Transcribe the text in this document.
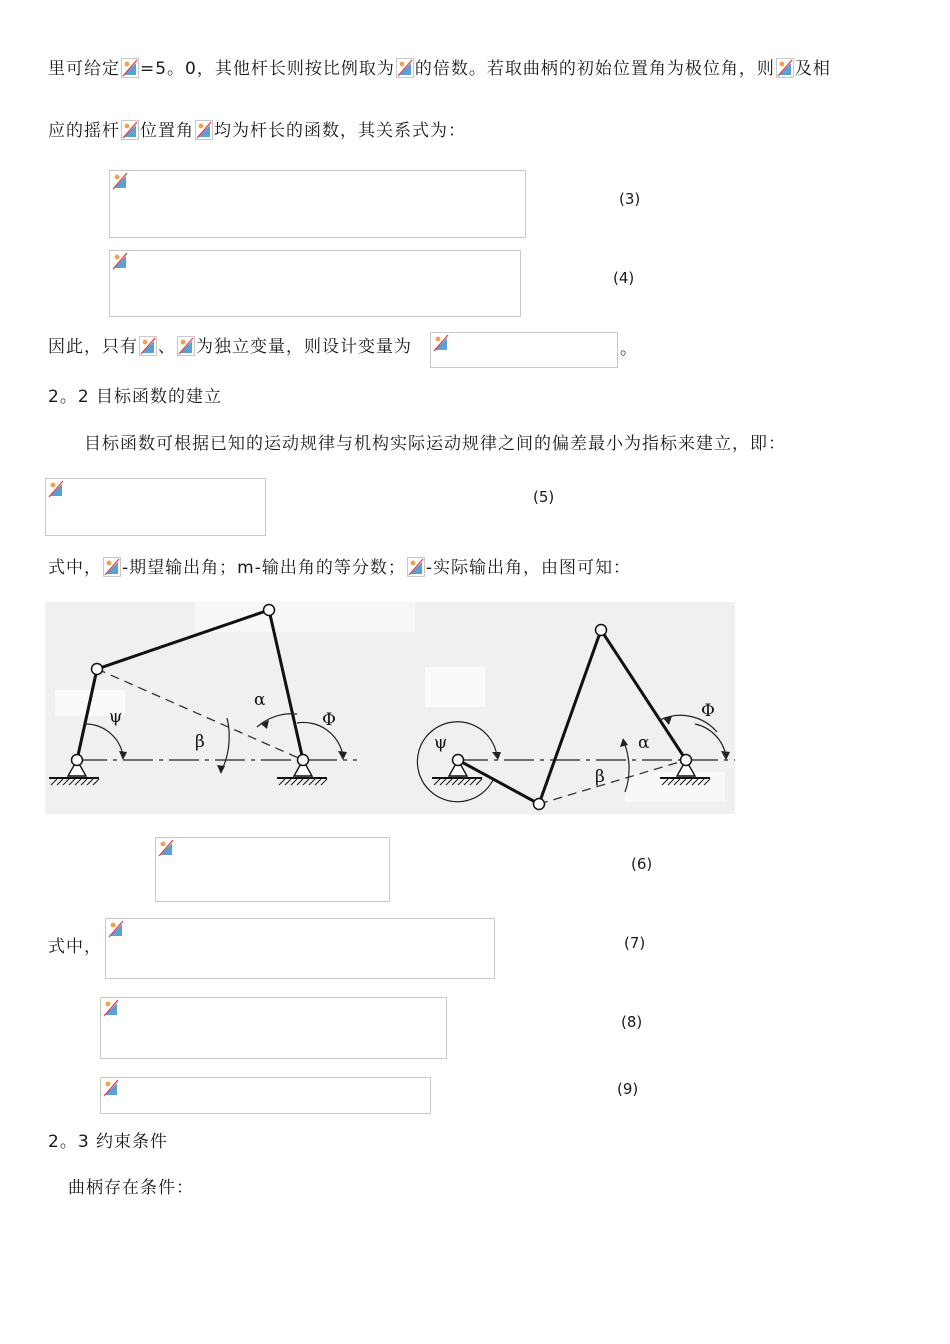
里可给定 =5。0，其他杆长则按比例取为 的倍数。若取曲柄的初始位置角为极位角，则 及相
应的摇杆 位置角 均为杆长的函数，其关系式为：
(3)
(4)
因此，只有 、 为独立变量，则设计变量为	。
2。2 目标函数的建立
目标函数可根据已知的运动规律与机构实际运动规律之间的偏差最小为指标来建立，即：
(5)
式中， -期望输出角；m-输出角的等分数； -实际输出角，由图可知：
ψ
α
β
Φ
ψ	α
β
Φ
(6)
式中，	(7)
(8)
(9)
2。3 约束条件
曲柄存在条件：
